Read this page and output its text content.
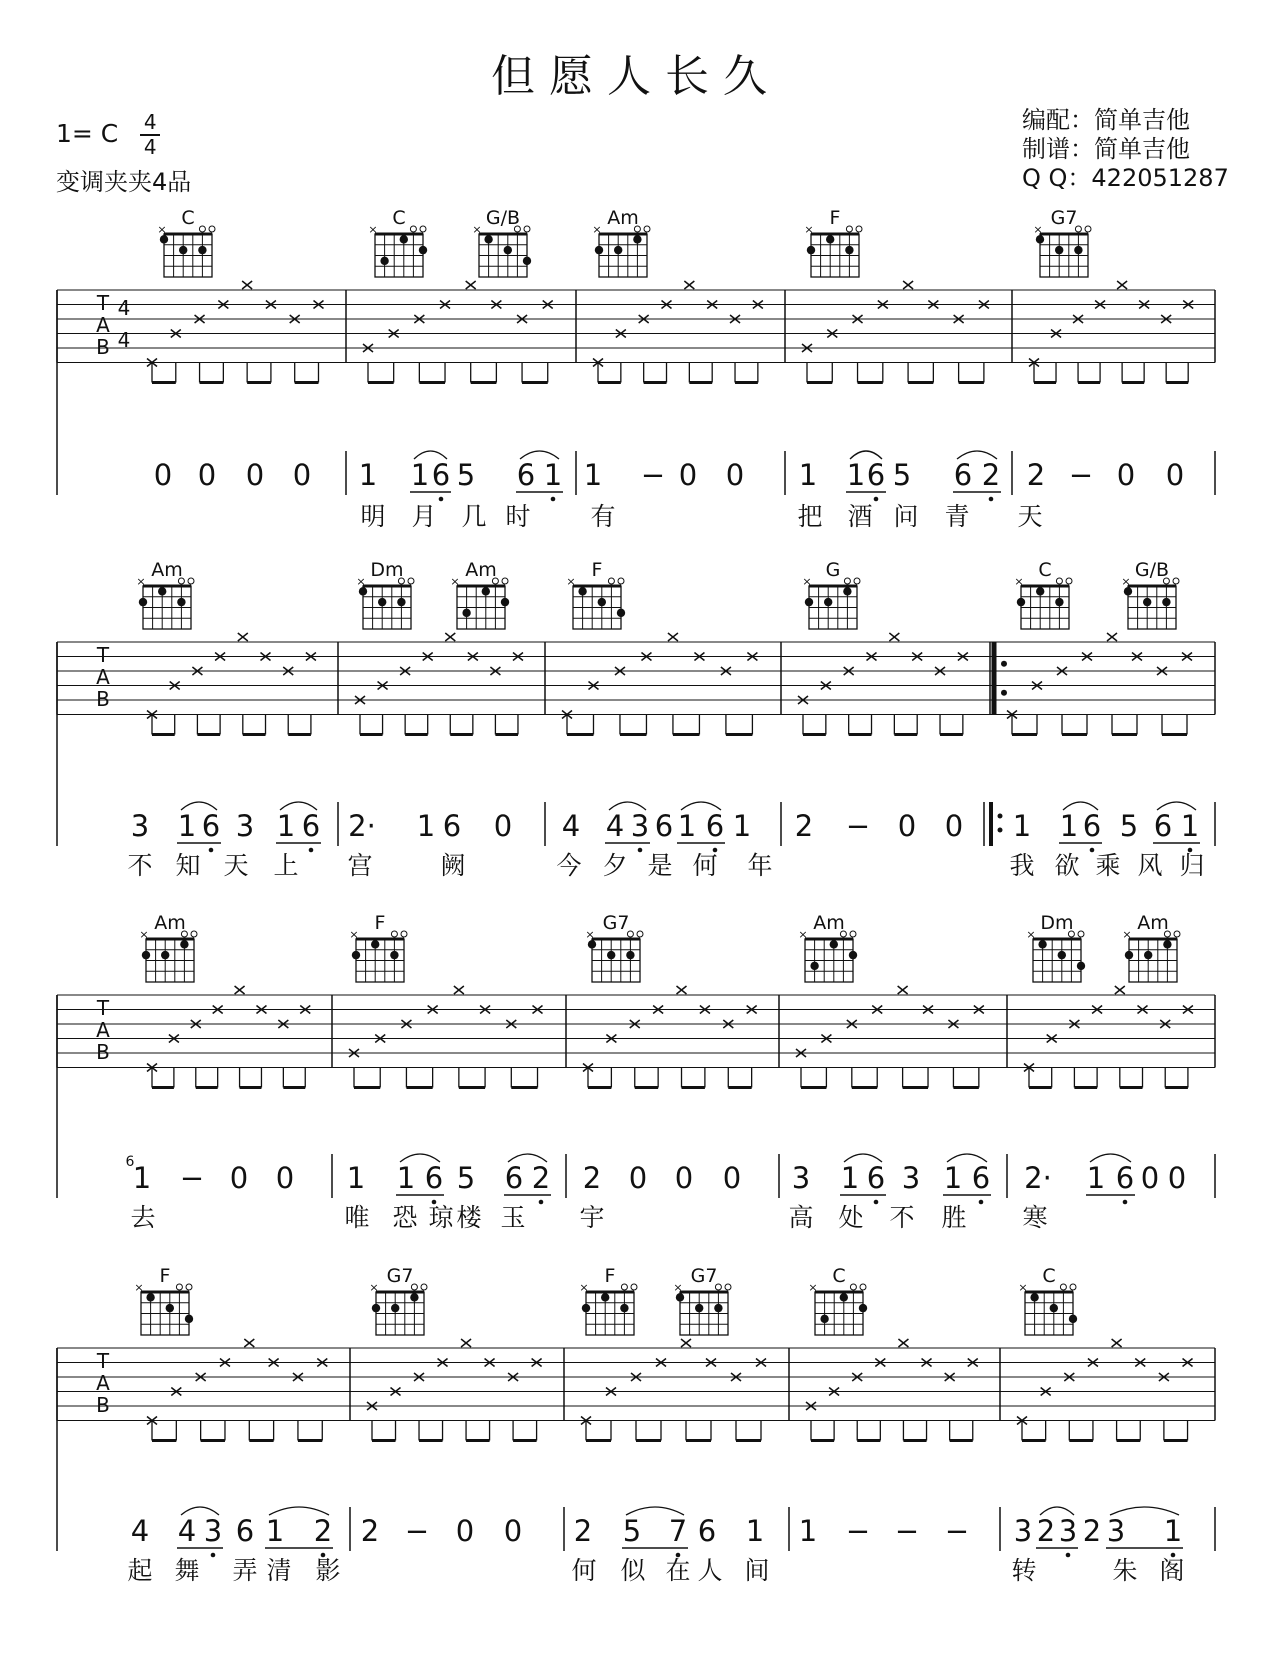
但愿人长久
1= C $\frac{4}{4}$
变调夹夹4品
编配：简单吉他
制谱：简单吉他
Q Q：422051287
C
×
C
×
G/B
×
Am
×
F
×
G7
×
T
A
B
4
4
0 0 0 0 1 1 6 5 6 1
明 月 几 时 有
1 − 0 0 1 1 6 5 6 2
把 酒 问 青 天
2 − 0 0
Am
×
Dm
×
Am
×
F
×
G
×
C
×
G/B
×
T
A
B
3 1 6 3 1 6
不 知 天 上 宫
2· 1 6 0
阙
4 4 3 6 1 6 1
今 夕 是 何 年
2 − 0 0 1 1 6 5 6 1
我 欲 乘 风 归
Am
×
F
×
G7
×
Am
×
Dm
×
Am
×
T
A
B
1 − 0 0
去
1 1 6 5 6 2
唯 恐 琼 楼 玉 宇
2 0 0 0 3 1 6 3 1 6
高 处 不 胜
2· 1 6 0 0
寒
6
F
×
G7
×
F
×
G7
×
C
×
C
×
T
A
B
4 4 3 6 1 2
起 舞 弄 清 影
2 − 0 0 2 5 7 6 1
何 似 在 人 间
1 − − − 3 2 3 2 3 1
转	朱 阁
